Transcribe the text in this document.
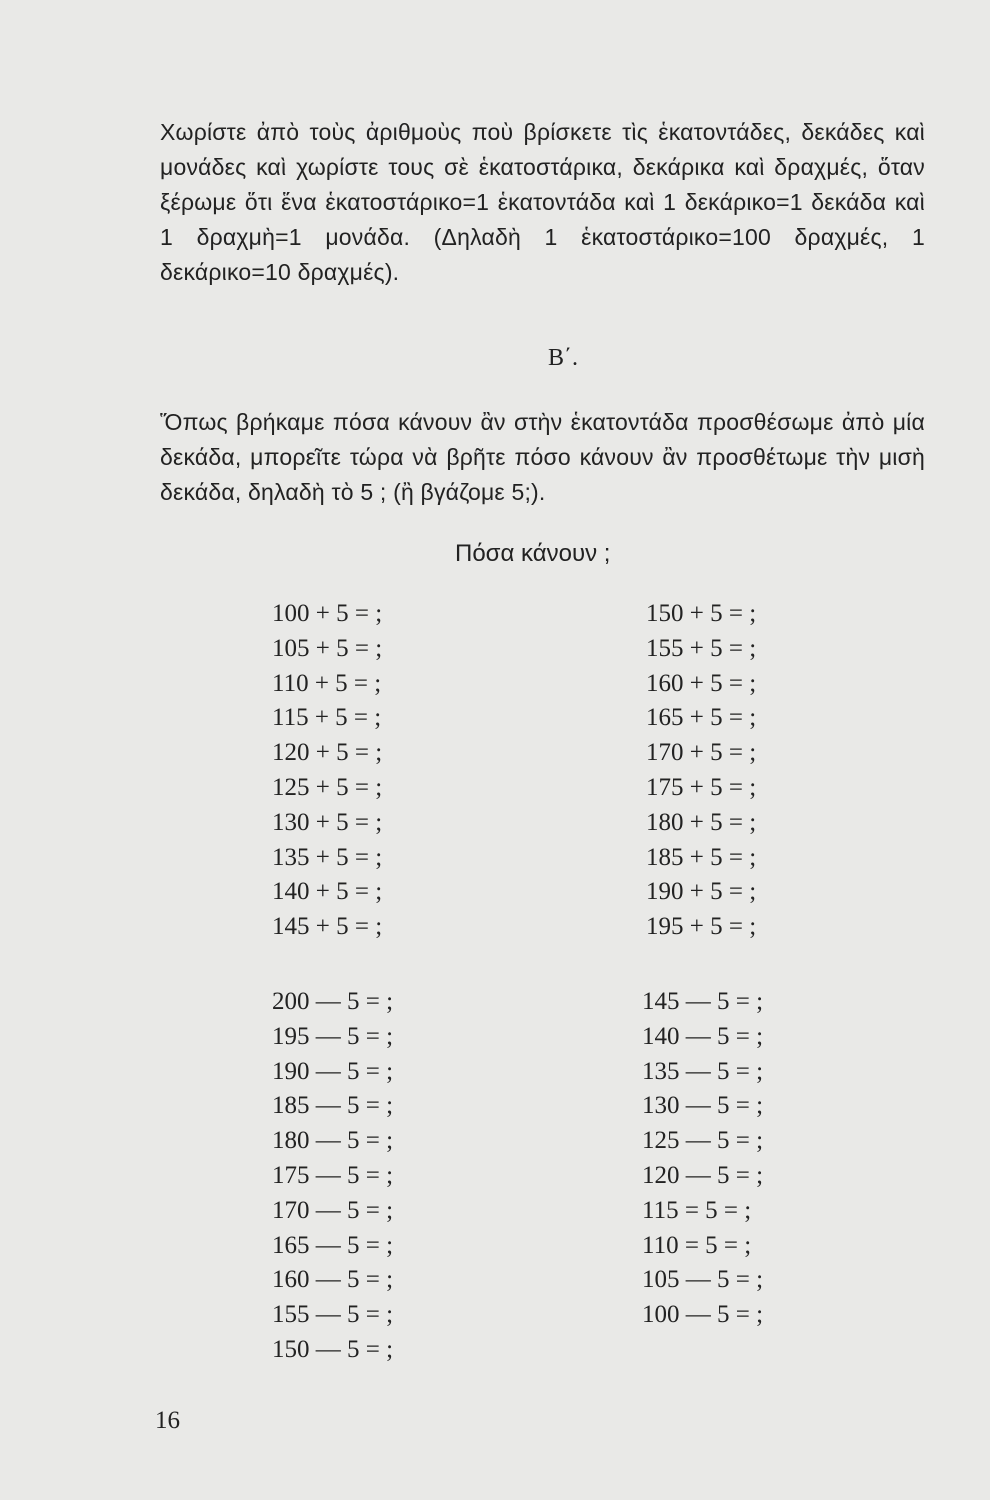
Χωρίστε ἀπὸ τοὺς ἀριθμοὺς ποὺ βρίσκετε τὶς ἑκατοντάδες, δεκάδες καὶ μονάδες καὶ χωρίστε τους σὲ ἑκατοστάρικα, δεκάρικα καὶ δραχμές, ὅταν ξέρωμε ὅτι ἕνα ἑκατοστάρικο=1 ἑκατοντάδα καὶ 1 δεκάρικο=1 δεκάδα καὶ 1 δραχμὴ=1 μονάδα. (Δηλαδὴ 1 ἑκατοστάρικο=100 δραχμές, 1 δεκάρικο=10 δραχμές).

Β΄.

Ὅπως βρήκαμε πόσα κάνουν ἂν στὴν ἑκατοντάδα προσθέσωμε ἀπὸ μία δεκάδα, μπορεῖτε τώρα νὰ βρῆτε πόσο κάνουν ἂν προσθέτωμε τὴν μισὴ δεκάδα, δηλαδὴ τὸ 5 ; (ἢ βγάζομε 5;).

Πόσα κάνουν ;
100 + 5 = ;
105 + 5 = ;
110 + 5 = ;
115 + 5 = ;
120 + 5 = ;
125 + 5 = ;
130 + 5 = ;
135 + 5 = ;
140 + 5 = ;
145 + 5 = ;
150 + 5 = ;
155 + 5 = ;
160 + 5 = ;
165 + 5 = ;
170 + 5 = ;
175 + 5 = ;
180 + 5 = ;
185 + 5 = ;
190 + 5 = ;
195 + 5 = ;
200 — 5 = ;
195 — 5 = ;
190 — 5 = ;
185 — 5 = ;
180 — 5 = ;
175 — 5 = ;
170 — 5 = ;
165 — 5 = ;
160 — 5 = ;
155 — 5 = ;
150 — 5 = ;
145 — 5 = ;
140 — 5 = ;
135 — 5 = ;
130 — 5 = ;
125 — 5 = ;
120 — 5 = ;
115 = 5 = ;
110 = 5 = ;
105 — 5 = ;
100 — 5 = ;
16
